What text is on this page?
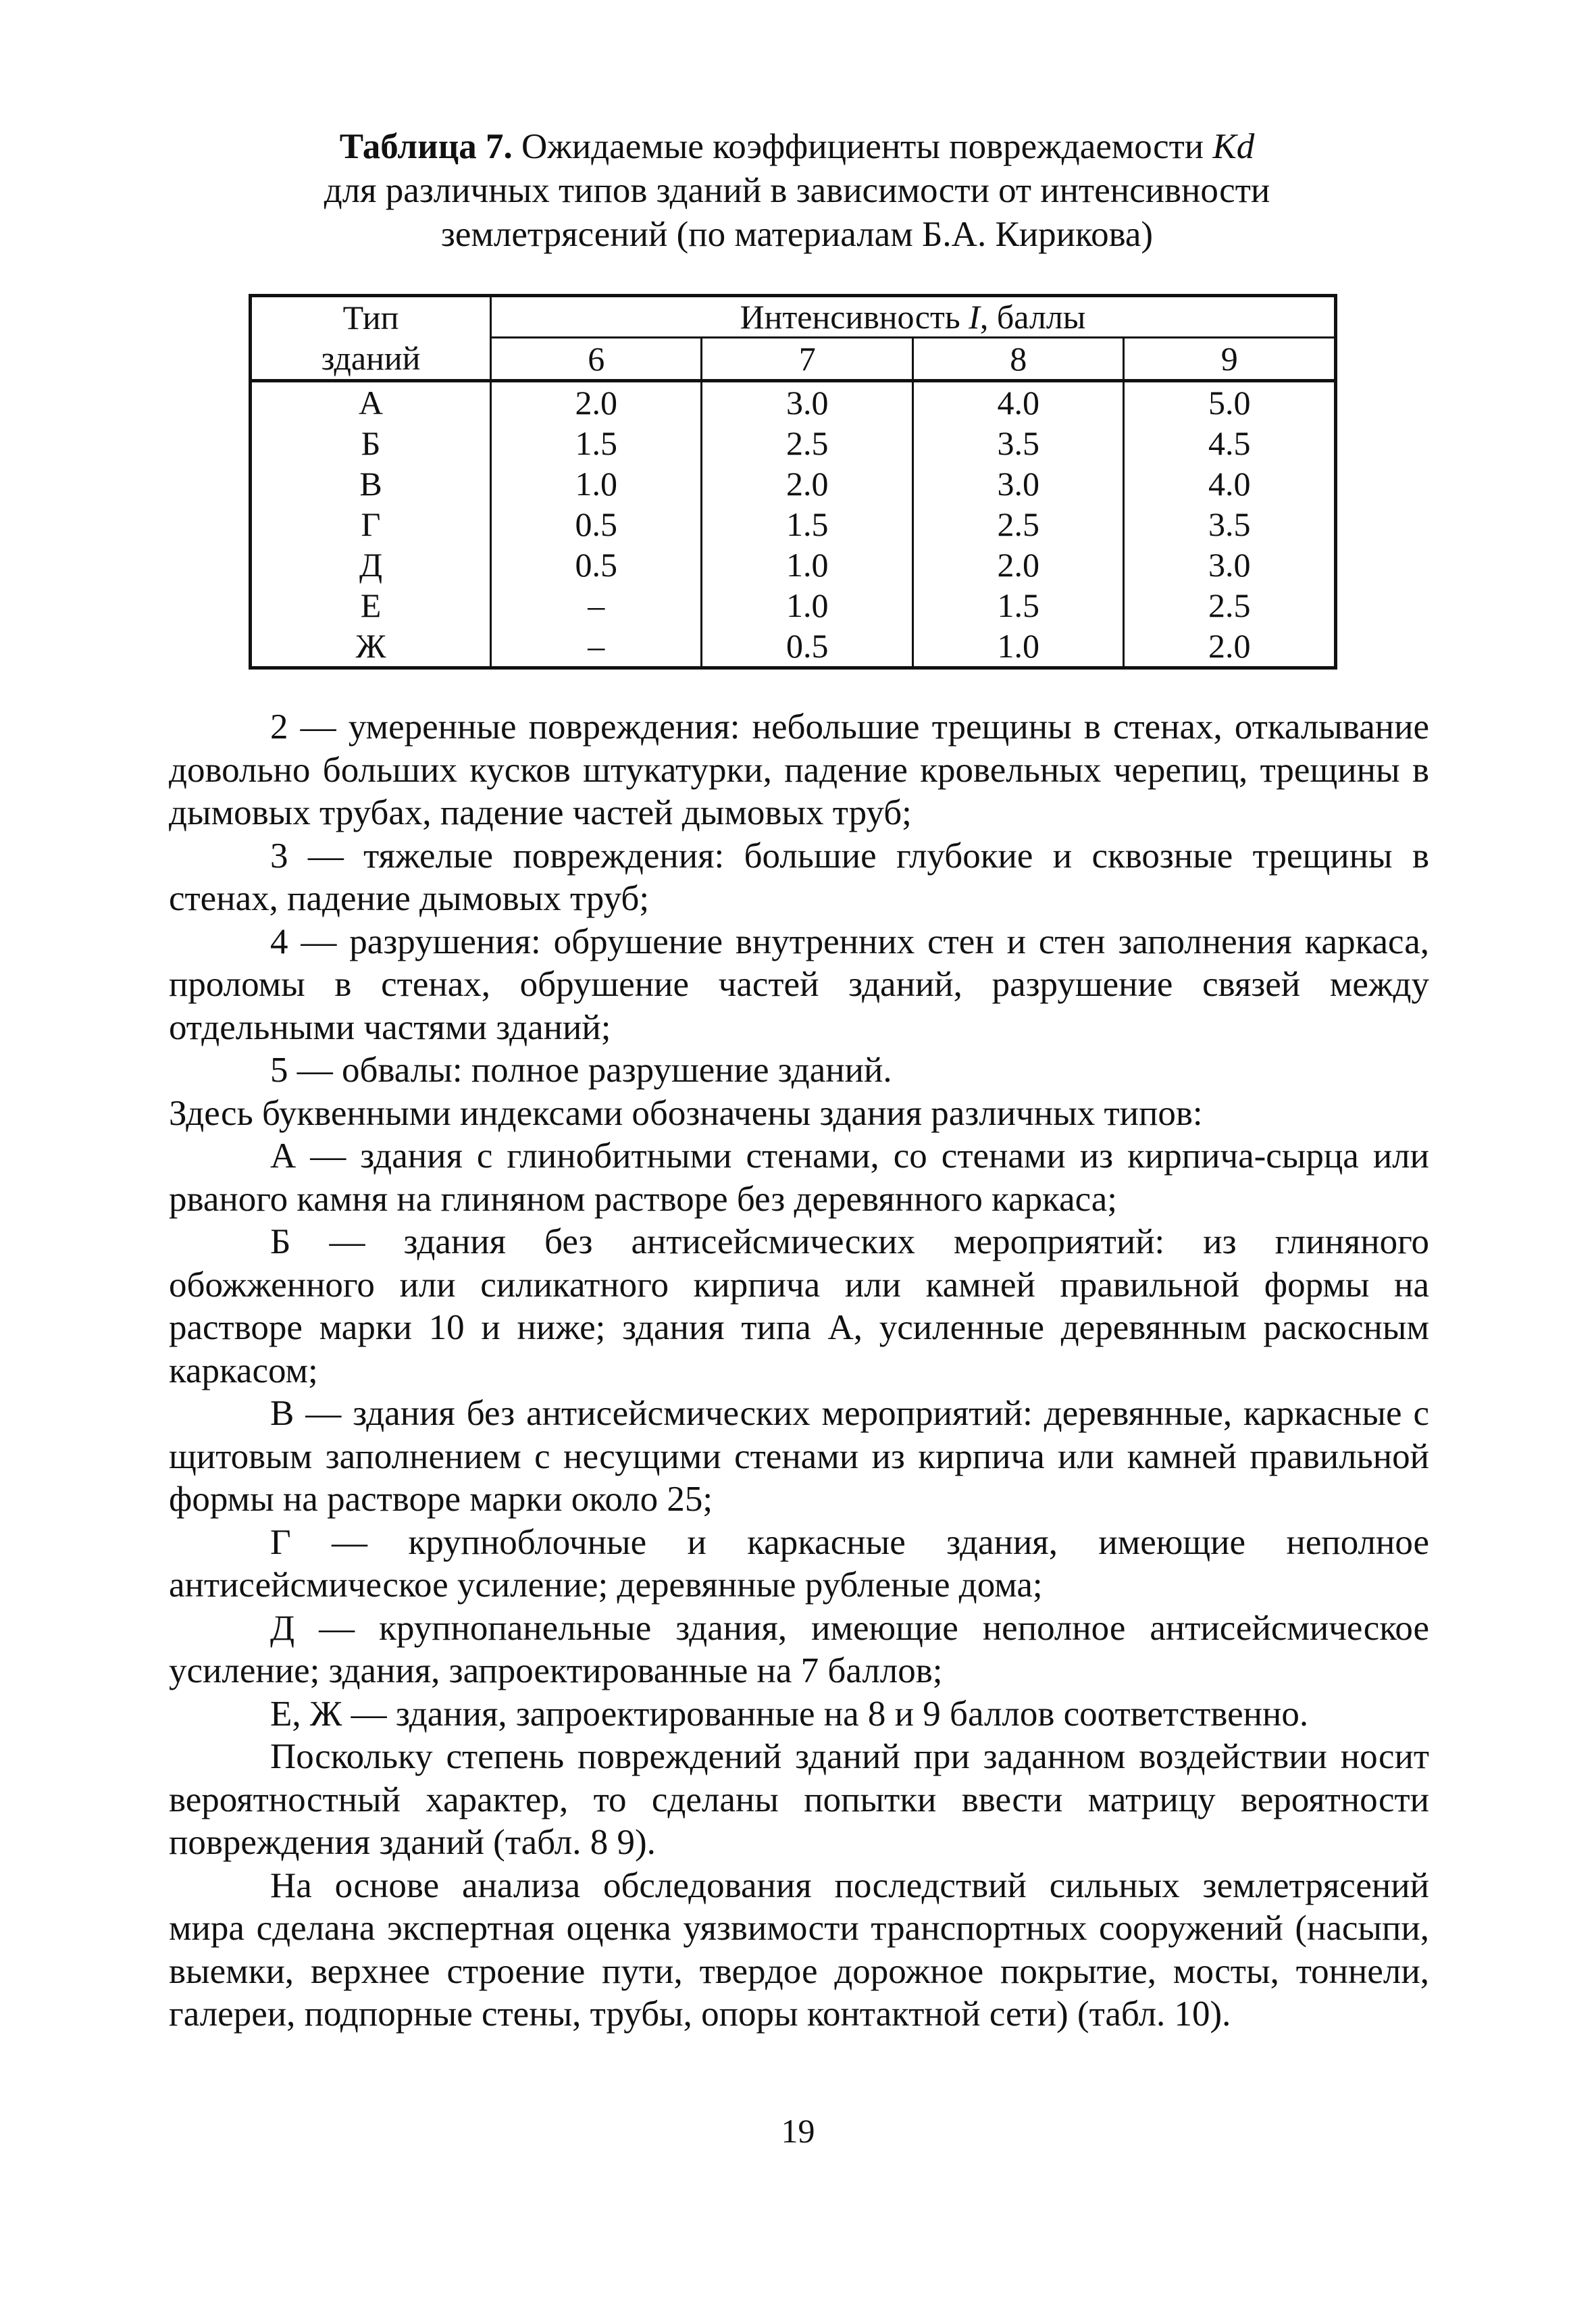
Таблица 7. Ожидаемые коэффициенты повреждаемости Kd
для различных типов зданий в зависимости от интенсивности
землетрясений (по материалам Б.А. Кирикова)
Тип	Интенсивность I, баллы			
зданий	6	7	8	9
А	2.0	3.0	4.0	5.0
Б	1.5	2.5	3.5	4.5
В	1.0	2.0	3.0	4.0
Г	0.5	1.5	2.5	3.5
Д	0.5	1.0	2.0	3.0
Е	–	1.0	1.5	2.5
Ж	–	0.5	1.0	2.0

2 — умеренные повреждения: небольшие трещины в стенах, откалывание довольно больших кусков штукатурки, падение кровельных черепиц, трещины в дымовых трубах, падение частей дымовых труб;

3 — тяжелые повреждения: большие глубокие и сквозные трещины в стенах, падение дымовых труб;

4 — разрушения: обрушение внутренних стен и стен заполнения каркаса, проломы в стенах, обрушение частей зданий, разрушение связей между отдельными частями зданий;

5 — обвалы: полное разрушение зданий.

Здесь буквенными индексами обозначены здания различных типов:

А — здания с глинобитными стенами, со стенами из кирпича-сырца или рваного камня на глиняном растворе без деревянного каркаса;

Б — здания без антисейсмических мероприятий: из глиняного обожженного или силикатного кирпича или камней правильной формы на растворе марки 10 и ниже; здания типа А, усиленные деревянным раскосным каркасом;

В — здания без антисейсмических мероприятий: деревянные, каркасные с щитовым заполнением с несущими стенами из кирпича или камней правильной формы на растворе марки около 25;

Г — крупноблочные и каркасные здания, имеющие неполное антисейсмическое усиление; деревянные рубленые дома;

Д — крупнопанельные здания, имеющие неполное антисейсмическое усиление; здания, запроектированные на 7 баллов;

Е, Ж — здания, запроектированные на 8 и 9 баллов соответственно.

Поскольку степень повреждений зданий при заданном воздействии носит вероятностный характер, то сделаны попытки ввести матрицу вероятности повреждения зданий (табл. 8 9).

На основе анализа обследования последствий сильных землетрясений мира сделана экспертная оценка уязвимости транспортных сооружений (насыпи, выемки, верхнее строение пути, твердое дорожное покрытие, мосты, тоннели, галереи, подпорные стены, трубы, опоры контактной сети) (табл. 10).

19
